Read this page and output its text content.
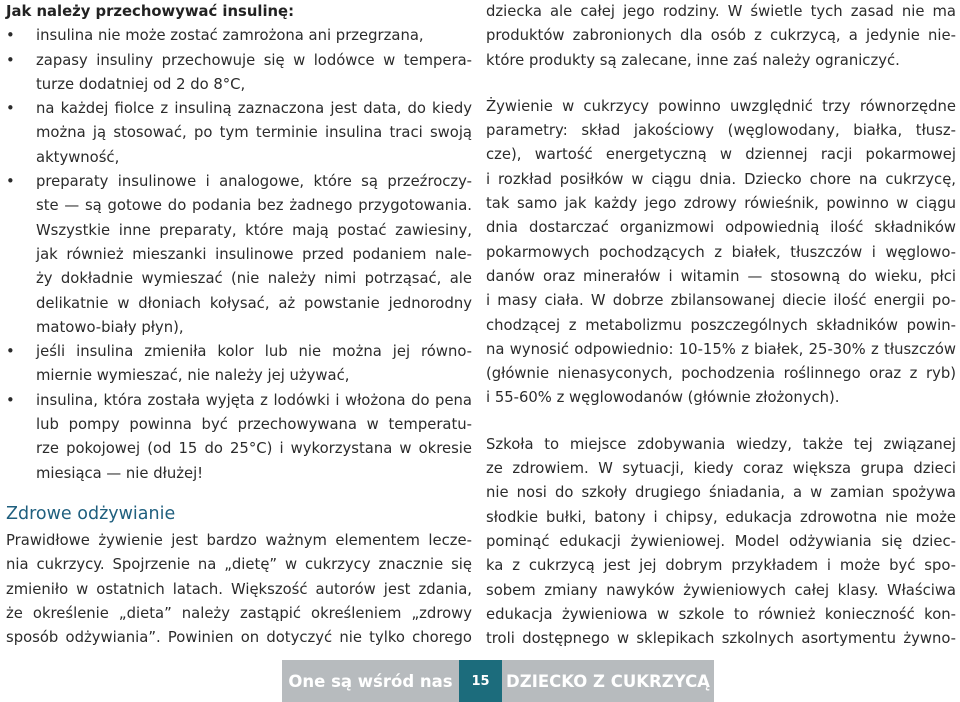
Jak należy przechowywać insulinę:
•	insulina nie może zostać zamrożona ani przegrzana,
•	zapasy insuliny przechowuje się w lodówce w tempera-
turze dodatniej od 2 do 8°C,
•	na każdej fiolce z insuliną zaznaczona jest data, do kiedy
można ją stosować, po tym terminie insulina traci swoją
aktywność,
•	preparaty insulinowe i analogowe, które są przeźroczy-
ste — są gotowe do podania bez żadnego przygotowania.
Wszystkie inne preparaty, które mają postać zawiesiny,
jak również mieszanki insulinowe przed podaniem nale-
ży dokładnie wymieszać (nie należy nimi potrząsać, ale
delikatnie w dłoniach kołysać, aż powstanie jednorodny
matowo-biały płyn),
•	jeśli insulina zmieniła kolor lub nie można jej równo-
miernie wymieszać, nie należy jej używać,
•	insulina, która została wyjęta z lodówki i włożona do pena
lub pompy powinna być przechowywana w temperatu-
rze pokojowej (od 15 do 25°C) i wykorzystana w okresie
miesiąca — nie dłużej!
Zdrowe odżywianie
Prawidłowe żywienie jest bardzo ważnym elementem lecze-
nia cukrzycy. Spojrzenie na „dietę” w cukrzycy znacznie się
zmieniło w ostatnich latach. Większość autorów jest zdania,
że określenie „dieta” należy zastąpić określeniem „zdrowy
sposób odżywiania”. Powinien on dotyczyć nie tylko chorego
dziecka ale całej jego rodziny. W świetle tych zasad nie ma
produktów zabronionych dla osób z cukrzycą, a jedynie nie-
które produkty są zalecane, inne zaś należy ograniczyć.
Żywienie w cukrzycy powinno uwzględnić trzy równorzędne
parametry: skład jakościowy (węglowodany, białka, tłusz-
cze), wartość energetyczną w dziennej racji pokarmowej
i rozkład posiłków w ciągu dnia. Dziecko chore na cukrzycę,
tak samo jak każdy jego zdrowy rówieśnik, powinno w ciągu
dnia dostarczać organizmowi odpowiednią ilość składników
pokarmowych pochodzących z białek, tłuszczów i węglowo-
danów oraz minerałów i witamin — stosowną do wieku, płci
i masy ciała. W dobrze zbilansowanej diecie ilość energii po-
chodzącej z metabolizmu poszczególnych składników powin-
na wynosić odpowiednio: 10-15% z białek, 25-30% z tłuszczów
(głównie nienasyconych, pochodzenia roślinnego oraz z ryb)
i 55-60% z węglowodanów (głównie złożonych).
Szkoła to miejsce zdobywania wiedzy, także tej związanej
ze zdrowiem. W sytuacji, kiedy coraz większa grupa dzieci
nie nosi do szkoły drugiego śniadania, a w zamian spożywa
słodkie bułki, batony i chipsy, edukacja zdrowotna nie może
pominąć edukacji żywieniowej. Model odżywiania się dziec-
ka z cukrzycą jest jej dobrym przykładem i może być spo-
sobem zmiany nawyków żywieniowych całej klasy. Właściwa
edukacja żywieniowa w szkole to również konieczność kon-
troli dostępnego w sklepikach szkolnych asortymentu żywno-
One są wśród nas	15	DZIECKO Z CUKRZYCĄ
